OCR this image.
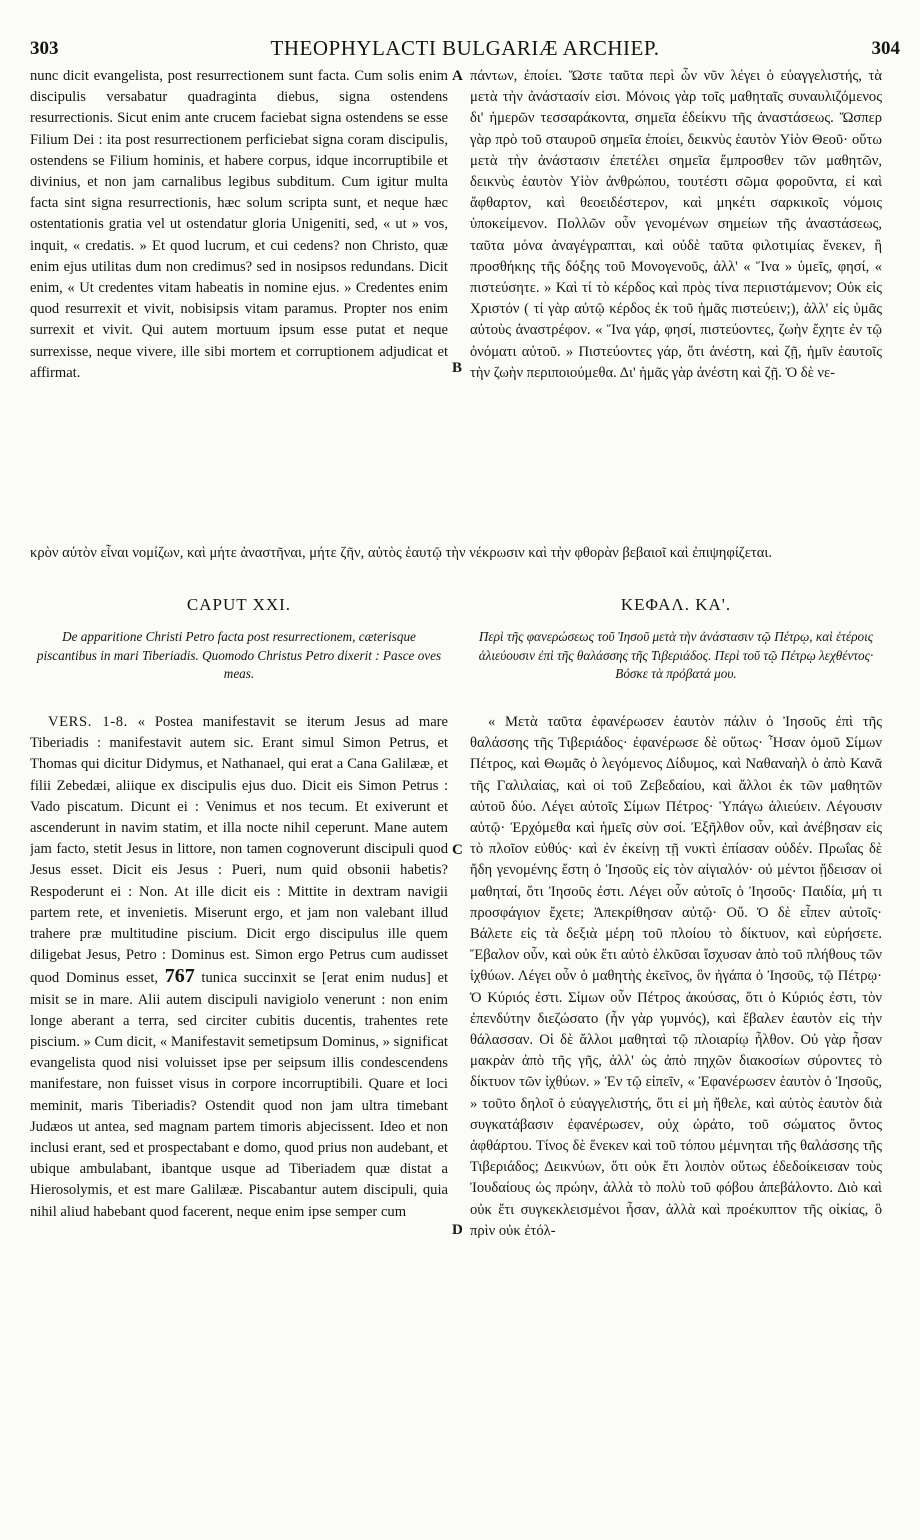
303	THEOPHYLACTI BULGARIÆ ARCHIEP.	304
A
B
C
D

nunc dicit evangelista, post resurrectionem sunt facta. Cum solis enim discipulis versabatur quadraginta diebus, signa ostendens resurrectionis. Sicut enim ante crucem faciebat signa ostendens se esse Filium Dei : ita post resurrectionem perficiebat signa coram discipulis, ostendens se Filium hominis, et habere corpus, idque incorruptibile et divinius, et non jam carnalibus legibus subditum. Cum igitur multa facta sint signa resurrectionis, hæc solum scripta sunt, et neque hæc ostentationis gratia vel ut ostendatur gloria Unigeniti, sed, « ut » vos, inquit, « credatis. » Et quod lucrum, et cui cedens? non Christo, quæ enim ejus utilitas dum non credimus? sed in nosipsos redundans. Dicit enim, « Ut credentes vitam habeatis in nomine ejus. » Credentes enim quod resurrexit et vivit, nobisipsis vitam paramus. Propter nos enim surrexit et vivit. Qui autem mortuum ipsum esse putat et neque surrexisse, neque vivere, ille sibi mortem et corruptionem adjudicat et affirmat.

πάντων, ἐποίει. Ὥστε ταῦτα περὶ ὧν νῦν λέγει ὁ εὐαγγελιστής, τὰ μετὰ τὴν ἀνάστασίν εἰσι. Μόνοις γὰρ τοῖς μαθηταῖς συναυλιζόμενος δι' ἡμερῶν τεσσαράκοντα, σημεῖα ἐδείκνυ τῆς ἀναστάσεως. Ὥσπερ γὰρ πρὸ τοῦ σταυροῦ σημεῖα ἐποίει, δεικνὺς ἑαυτὸν Υἱὸν Θεοῦ· οὕτω μετὰ τὴν ἀνάστασιν ἐπετέλει σημεῖα ἔμπροσθεν τῶν μαθητῶν, δεικνὺς ἑαυτὸν Υἱὸν ἀνθρώπου, τουτέστι σῶμα φοροῦντα, εἰ καὶ ἄφθαρτον, καὶ θεοειδέστερον, καὶ μηκέτι σαρκικοῖς νόμοις ὑποκείμενον. Πολλῶν οὖν γενομένων σημείων τῆς ἀναστάσεως, ταῦτα μόνα ἀναγέγραπται, καὶ οὐδὲ ταῦτα φιλοτιμίας ἕνεκεν, ἢ προσθήκης τῆς δόξης τοῦ Μονογενοῦς, ἀλλ' « Ἵνα » ὑμεῖς, φησί, « πιστεύσητε. » Καὶ τί τὸ κέρδος καὶ πρὸς τίνα περιιστάμενον; Οὐκ εἰς Χριστόν ( τί γὰρ αὐτῷ κέρδος ἐκ τοῦ ἡμᾶς πιστεύειν;), ἀλλ' εἰς ὑμᾶς αὐτοὺς ἀναστρέφον. « Ἵνα γάρ, φησί, πιστεύοντες, ζωὴν ἔχητε ἐν τῷ ὀνόματι αὐτοῦ. » Πιστεύοντες γάρ, ὅτι ἀνέστη, καὶ ζῇ, ἡμῖν ἑαυτοῖς τὴν ζωὴν περιποιούμεθα. Δι' ἡμᾶς γὰρ ἀνέστη καὶ ζῇ. Ὁ δὲ νε-

κρὸν αὐτὸν εἶναι νομίζων, καὶ μήτε ἀναστῆναι, μήτε ζῆν, αὐτὸς ἑαυτῷ τὴν νέκρωσιν καὶ τὴν φθορὰν βεβαιοῖ καὶ ἐπιψηφίζεται.
CAPUT XXI.	ΚΕΦΑΛ. ΚΑ'.
De apparitione Christi Petro facta post resurrectionem, cæterisque piscantibus in mari Tiberiadis. Quomodo Christus Petro dixerit : Pasce oves meas.
Περὶ τῆς φανερώσεως τοῦ Ἰησοῦ μετὰ τὴν ἀνάστασιν τῷ Πέτρῳ, καὶ ἑτέροις ἁλιεύουσιν ἐπὶ τῆς θαλάσσης τῆς Τιβεριάδος. Περὶ τοῦ τῷ Πέτρῳ λεχθέντος· Βόσκε τὰ πρόβατά μου.

VERS. 1-8. « Postea manifestavit se iterum Jesus ad mare Tiberiadis : manifestavit autem sic. Erant simul Simon Petrus, et Thomas qui dicitur Didymus, et Nathanael, qui erat a Cana Galilææ, et filii Zebedæi, aliique ex discipulis ejus duo. Dicit eis Simon Petrus : Vado piscatum. Dicunt ei : Venimus et nos tecum. Et exiverunt et ascenderunt in navim statim, et illa nocte nihil ceperunt. Mane autem jam facto, stetit Jesus in littore, non tamen cognoverunt discipuli quod Jesus esset. Dicit eis Jesus : Pueri, num quid obsonii habetis? Respoderunt ei : Non. At ille dicit eis : Mittite in dextram navigii partem rete, et invenietis. Miserunt ergo, et jam non valebant illud trahere præ multitudine piscium. Dicit ergo discipulus ille quem diligebat Jesus, Petro : Dominus est. Simon ergo Petrus cum audisset quod Dominus esset, 767 tunica succinxit se [erat enim nudus] et misit se in mare. Alii autem discipuli navigiolo venerunt : non enim longe aberant a terra, sed circiter cubitis ducentis, trahentes rete piscium. » Cum dicit, « Manifestavit semetipsum Dominus, » significat evangelista quod nisi voluisset ipse per seipsum illis condescendens manifestare, non fuisset visus in corpore incorruptibili. Quare et loci meminit, maris Tiberiadis? Ostendit quod non jam ultra timebant Judæos ut antea, sed magnam partem timoris abjecissent. Ideo et non inclusi erant, sed et prospectabant e domo, quod prius non audebant, et ubique ambulabant, ibantque usque ad Tiberiadem quæ distat a Hierosolymis, et est mare Galilææ. Piscabantur autem discipuli, quia nihil aliud habebant quod facerent, neque enim ipse semper cum

« Μετὰ ταῦτα ἐφανέρωσεν ἑαυτὸν πάλιν ὁ Ἰησοῦς ἐπὶ τῆς θαλάσσης τῆς Τιβεριάδος· ἐφανέρωσε δὲ οὕτως· Ἦσαν ὁμοῦ Σίμων Πέτρος, καὶ Θωμᾶς ὁ λεγόμενος Δίδυμος, καὶ Ναθαναὴλ ὁ ἀπὸ Κανᾶ τῆς Γαλιλαίας, καὶ οἱ τοῦ Ζεβεδαίου, καὶ ἄλλοι ἐκ τῶν μαθητῶν αὐτοῦ δύο. Λέγει αὐτοῖς Σίμων Πέτρος· Ὑπάγω ἁλιεύειν. Λέγουσιν αὐτῷ· Ἐρχόμεθα καὶ ἡμεῖς σὺν σοί. Ἐξῆλθον οὖν, καὶ ἀνέβησαν εἰς τὸ πλοῖον εὐθύς· καὶ ἐν ἐκείνῃ τῇ νυκτὶ ἐπίασαν οὐδέν. Πρωΐας δὲ ἤδη γενομένης ἔστη ὁ Ἰησοῦς εἰς τὸν αἰγιαλόν· οὐ μέντοι ᾔδεισαν οἱ μαθηταί, ὅτι Ἰησοῦς ἐστι. Λέγει οὖν αὐτοῖς ὁ Ἰησοῦς· Παιδία, μή τι προσφάγιον ἔχετε; Ἀπεκρίθησαν αὐτῷ· Οὔ. Ὁ δὲ εἶπεν αὐτοῖς· Βάλετε εἰς τὰ δεξιὰ μέρη τοῦ πλοίου τὸ δίκτυον, καὶ εὑρήσετε. Ἔβαλον οὖν, καὶ οὐκ ἔτι αὐτὸ ἑλκῦσαι ἴσχυσαν ἀπὸ τοῦ πλήθους τῶν ἰχθύων. Λέγει οὖν ὁ μαθητὴς ἐκεῖνος, ὃν ἠγάπα ὁ Ἰησοῦς, τῷ Πέτρῳ· Ὁ Κύριός ἐστι. Σίμων οὖν Πέτρος ἀκούσας, ὅτι ὁ Κύριός ἐστι, τὸν ἐπενδύτην διεζώσατο (ἦν γὰρ γυμνός), καὶ ἔβαλεν ἑαυτὸν εἰς τὴν θάλασσαν. Οἱ δὲ ἄλλοι μαθηταὶ τῷ πλοιαρίῳ ἦλθον. Οὐ γὰρ ἦσαν μακρὰν ἀπὸ τῆς γῆς, ἀλλ' ὡς ἀπὸ πηχῶν διακοσίων σύροντες τὸ δίκτυον τῶν ἰχθύων. » Ἐν τῷ εἰπεῖν, « Ἐφανέρωσεν ἑαυτὸν ὁ Ἰησοῦς, » τοῦτο δηλοῖ ὁ εὐαγγελιστής, ὅτι εἰ μὴ ἤθελε, καὶ αὐτὸς ἑαυτὸν διὰ συγκατάβασιν ἐφανέρωσεν, οὐχ ὠράτο, τοῦ σώματος ὄντος ἀφθάρτου. Τίνος δὲ ἕνεκεν καὶ τοῦ τόπου μέμνηται τῆς θαλάσσης τῆς Τιβεριάδος; Δεικνύων, ὅτι οὐκ ἔτι λοιπὸν οὕτως ἐδεδοίκεισαν τοὺς Ἰουδαίους ὡς πρώην, ἀλλὰ τὸ πολὺ τοῦ φόβου ἀπεβάλοντο. Διὸ καὶ οὐκ ἔτι συγκεκλεισμένοι ἦσαν, ἀλλὰ καὶ προέκυπτον τῆς οἰκίας, ὃ πρὶν οὐκ ἐτόλ-
